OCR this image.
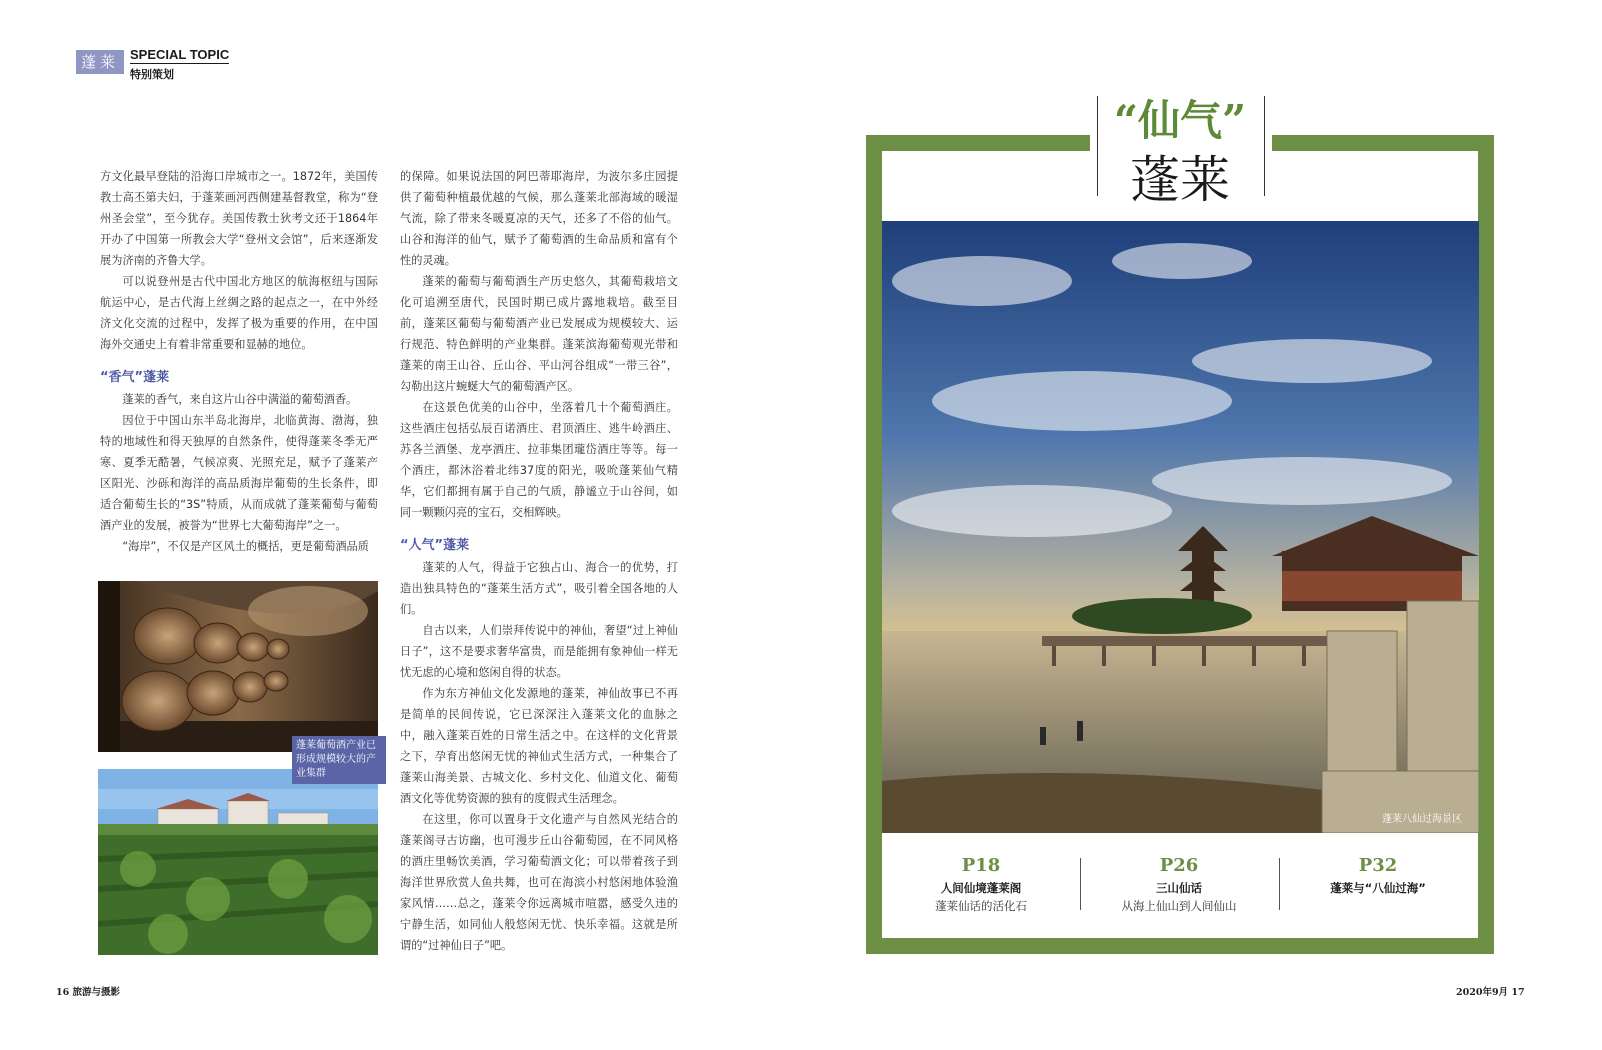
蓬莱 SPECIAL TOPIC
特别策划

方文化最早登陆的沿海口岸城市之一。1872年，美国传教士高丕第夫妇，于蓬莱画河西侧建基督教堂，称为“登州圣会堂”，至今犹存。美国传教士狄考文还于1864年开办了中国第一所教会大学“登州文会馆”，后来逐渐发展为济南的齐鲁大学。

可以说登州是古代中国北方地区的航海枢纽与国际航运中心，是古代海上丝绸之路的起点之一，在中外经济文化交流的过程中，发挥了极为重要的作用，在中国海外交通史上有着非常重要和显赫的地位。

“香气”蓬莱

蓬莱的香气，来自这片山谷中满溢的葡萄酒香。

因位于中国山东半岛北海岸，北临黄海、渤海，独特的地域性和得天独厚的自然条件，使得蓬莱冬季无严寒、夏季无酷暑，气候凉爽、光照充足，赋予了蓬莱产区阳光、沙砾和海洋的高品质海岸葡萄的生长条件，即适合葡萄生长的“3S”特质，从而成就了蓬莱葡萄与葡萄酒产业的发展，被誉为“世界七大葡萄海岸”之一。

“海岸”，不仅是产区风土的概括，更是葡萄酒品质

的保障。如果说法国的阿巴蒂耶海岸，为波尔多庄园提供了葡萄种植最优越的气候，那么蓬莱北部海域的暖湿气流，除了带来冬暖夏凉的天气，还多了不俗的仙气。山谷和海洋的仙气，赋予了葡萄酒的生命品质和富有个性的灵魂。

蓬莱的葡萄与葡萄酒生产历史悠久，其葡萄栽培文化可追溯至唐代，民国时期已成片露地栽培。截至目前，蓬莱区葡萄与葡萄酒产业已发展成为规模较大、运行规范、特色鲜明的产业集群。蓬莱滨海葡萄观光带和蓬莱的南王山谷、丘山谷、平山河谷组成“一带三谷”，勾勒出这片蜿蜒大气的葡萄酒产区。

在这景色优美的山谷中，坐落着几十个葡萄酒庄。这些酒庄包括弘辰百诺酒庄、君顶酒庄、逃牛岭酒庄、苏各兰酒堡、龙亭酒庄、拉菲集团瓏岱酒庄等等。每一个酒庄，都沐浴着北纬37度的阳光，吸吮蓬莱仙气精华，它们都拥有属于自己的气质，静谧立于山谷间，如同一颗颗闪亮的宝石，交相辉映。

“人气”蓬莱

蓬莱的人气，得益于它独占山、海合一的优势，打造出独具特色的“蓬莱生活方式”，吸引着全国各地的人们。

自古以来，人们崇拜传说中的神仙，奢望“过上神仙日子”，这不是要求奢华富贵，而是能拥有象神仙一样无忧无虑的心境和悠闲自得的状态。

作为东方神仙文化发源地的蓬莱，神仙故事已不再是简单的民间传说，它已深深注入蓬莱文化的血脉之中，融入蓬莱百姓的日常生活之中。在这样的文化背景之下，孕育出悠闲无忧的神仙式生活方式，一种集合了蓬莱山海美景、古城文化、乡村文化、仙道文化、葡萄酒文化等优势资源的独有的度假式生活理念。

在这里，你可以置身于文化遗产与自然风光结合的蓬莱阁寻古访幽，也可漫步丘山谷葡萄园，在不同风格的酒庄里畅饮美酒，学习葡萄酒文化；可以带着孩子到海洋世界欣赏人鱼共舞，也可在海滨小村悠闲地体验渔家风情……总之，蓬莱令你远离城市喧嚣，感受久违的宁静生活，如同仙人般悠闲无忧、快乐幸福。这就是所谓的“过神仙日子”吧。

蓬莱葡萄酒产业已形成规模较大的产业集群
“仙气”
蓬莱
蓬莱八仙过海景区
P18
人间仙境蓬莱阁
蓬莱仙话的活化石
P26
三山仙话
从海上仙山到人间仙山
P32
蓬莱与“八仙过海”
16 旅游与摄影	2020年9月 17
